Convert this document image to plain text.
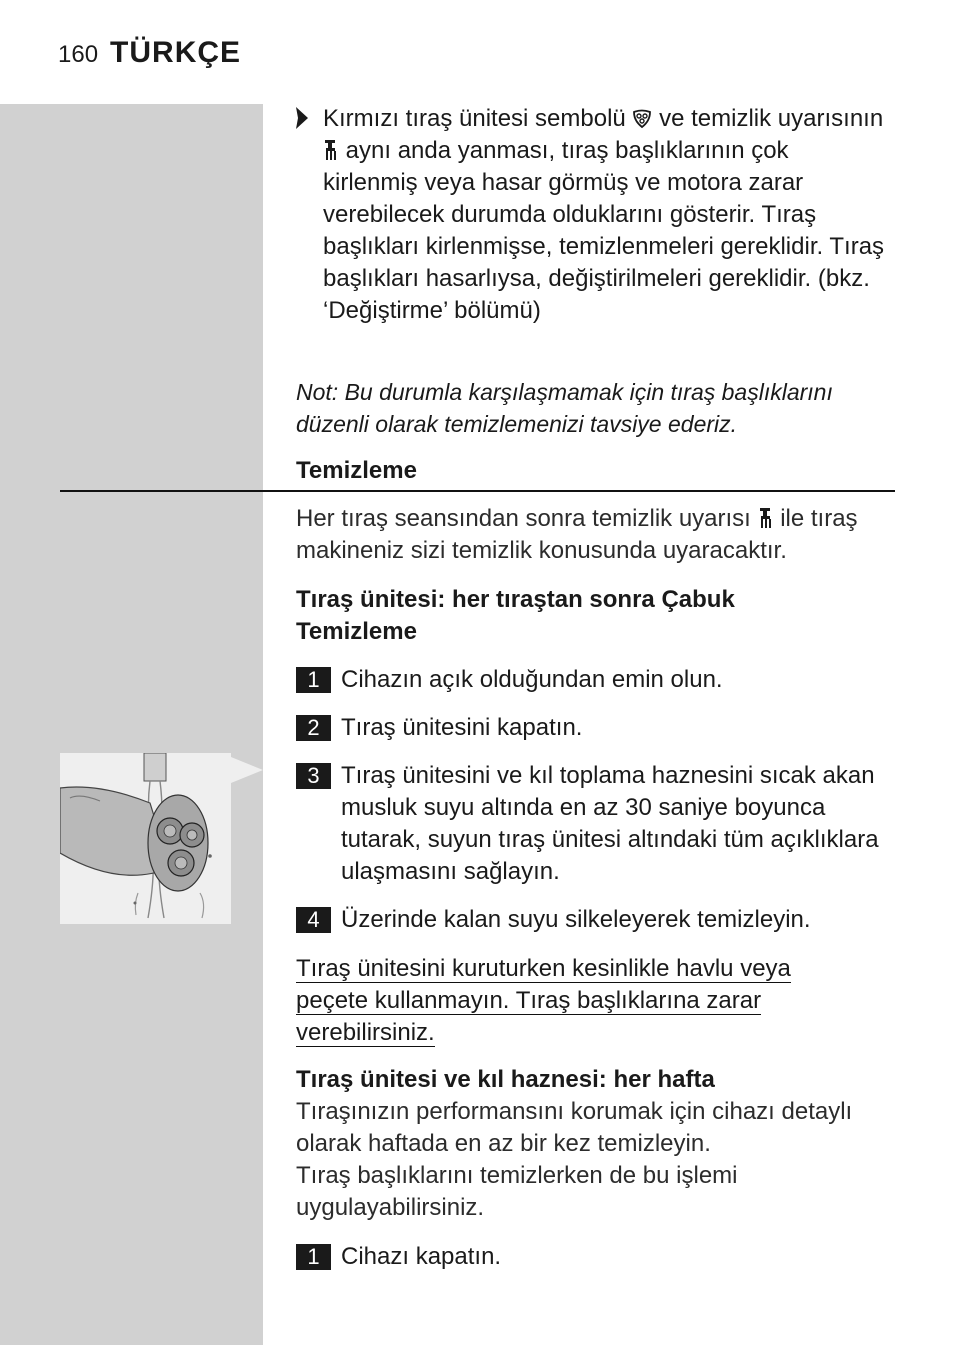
160 TÜRKÇE
Kırmızı tıraş ünitesi sembolü  ve temizlik uyarısının  aynı anda yanması, tıraş başlıklarının çok kirlenmiş veya hasar görmüş ve motora zarar verebilecek durumda olduklarını gösterir. Tıraş başlıkları kirlenmişse, temizlenmeleri gereklidir. Tıraş başlıkları hasarlıysa, değiştirilmeleri gereklidir. (bkz. ‘Değiştirme’ bölümü)
Not: Bu durumla karşılaşmamak için tıraş başlıklarını düzenli olarak temizlemenizi tavsiye ederiz.
Temizleme
Her tıraş seansından sonra temizlik uyarısı  ile tıraş makineniz sizi temizlik konusunda uyaracaktır.
Tıraş ünitesi: her tıraştan sonra Çabuk Temizleme
1 Cihazın açık olduğundan emin olun.
2 Tıraş ünitesini kapatın.
3 Tıraş ünitesini ve kıl toplama haznesini sıcak akan musluk suyu altında en az 30 saniye boyunca tutarak, suyun tıraş ünitesi altındaki tüm açıklıklara ulaşmasını sağlayın.
4 Üzerinde kalan suyu silkeleyerek temizleyin.
Tıraş ünitesini kuruturken kesinlikle havlu veya
peçete kullanmayın. Tıraş başlıklarına zarar
verebilirsiniz.
Tıraş ünitesi ve kıl haznesi: her hafta
Tıraşınızın performansını korumak için cihazı detaylı olarak haftada en az bir kez temizleyin.
Tıraş başlıklarını temizlerken de bu işlemi uygulayabilirsiniz.
1 Cihazı kapatın.
